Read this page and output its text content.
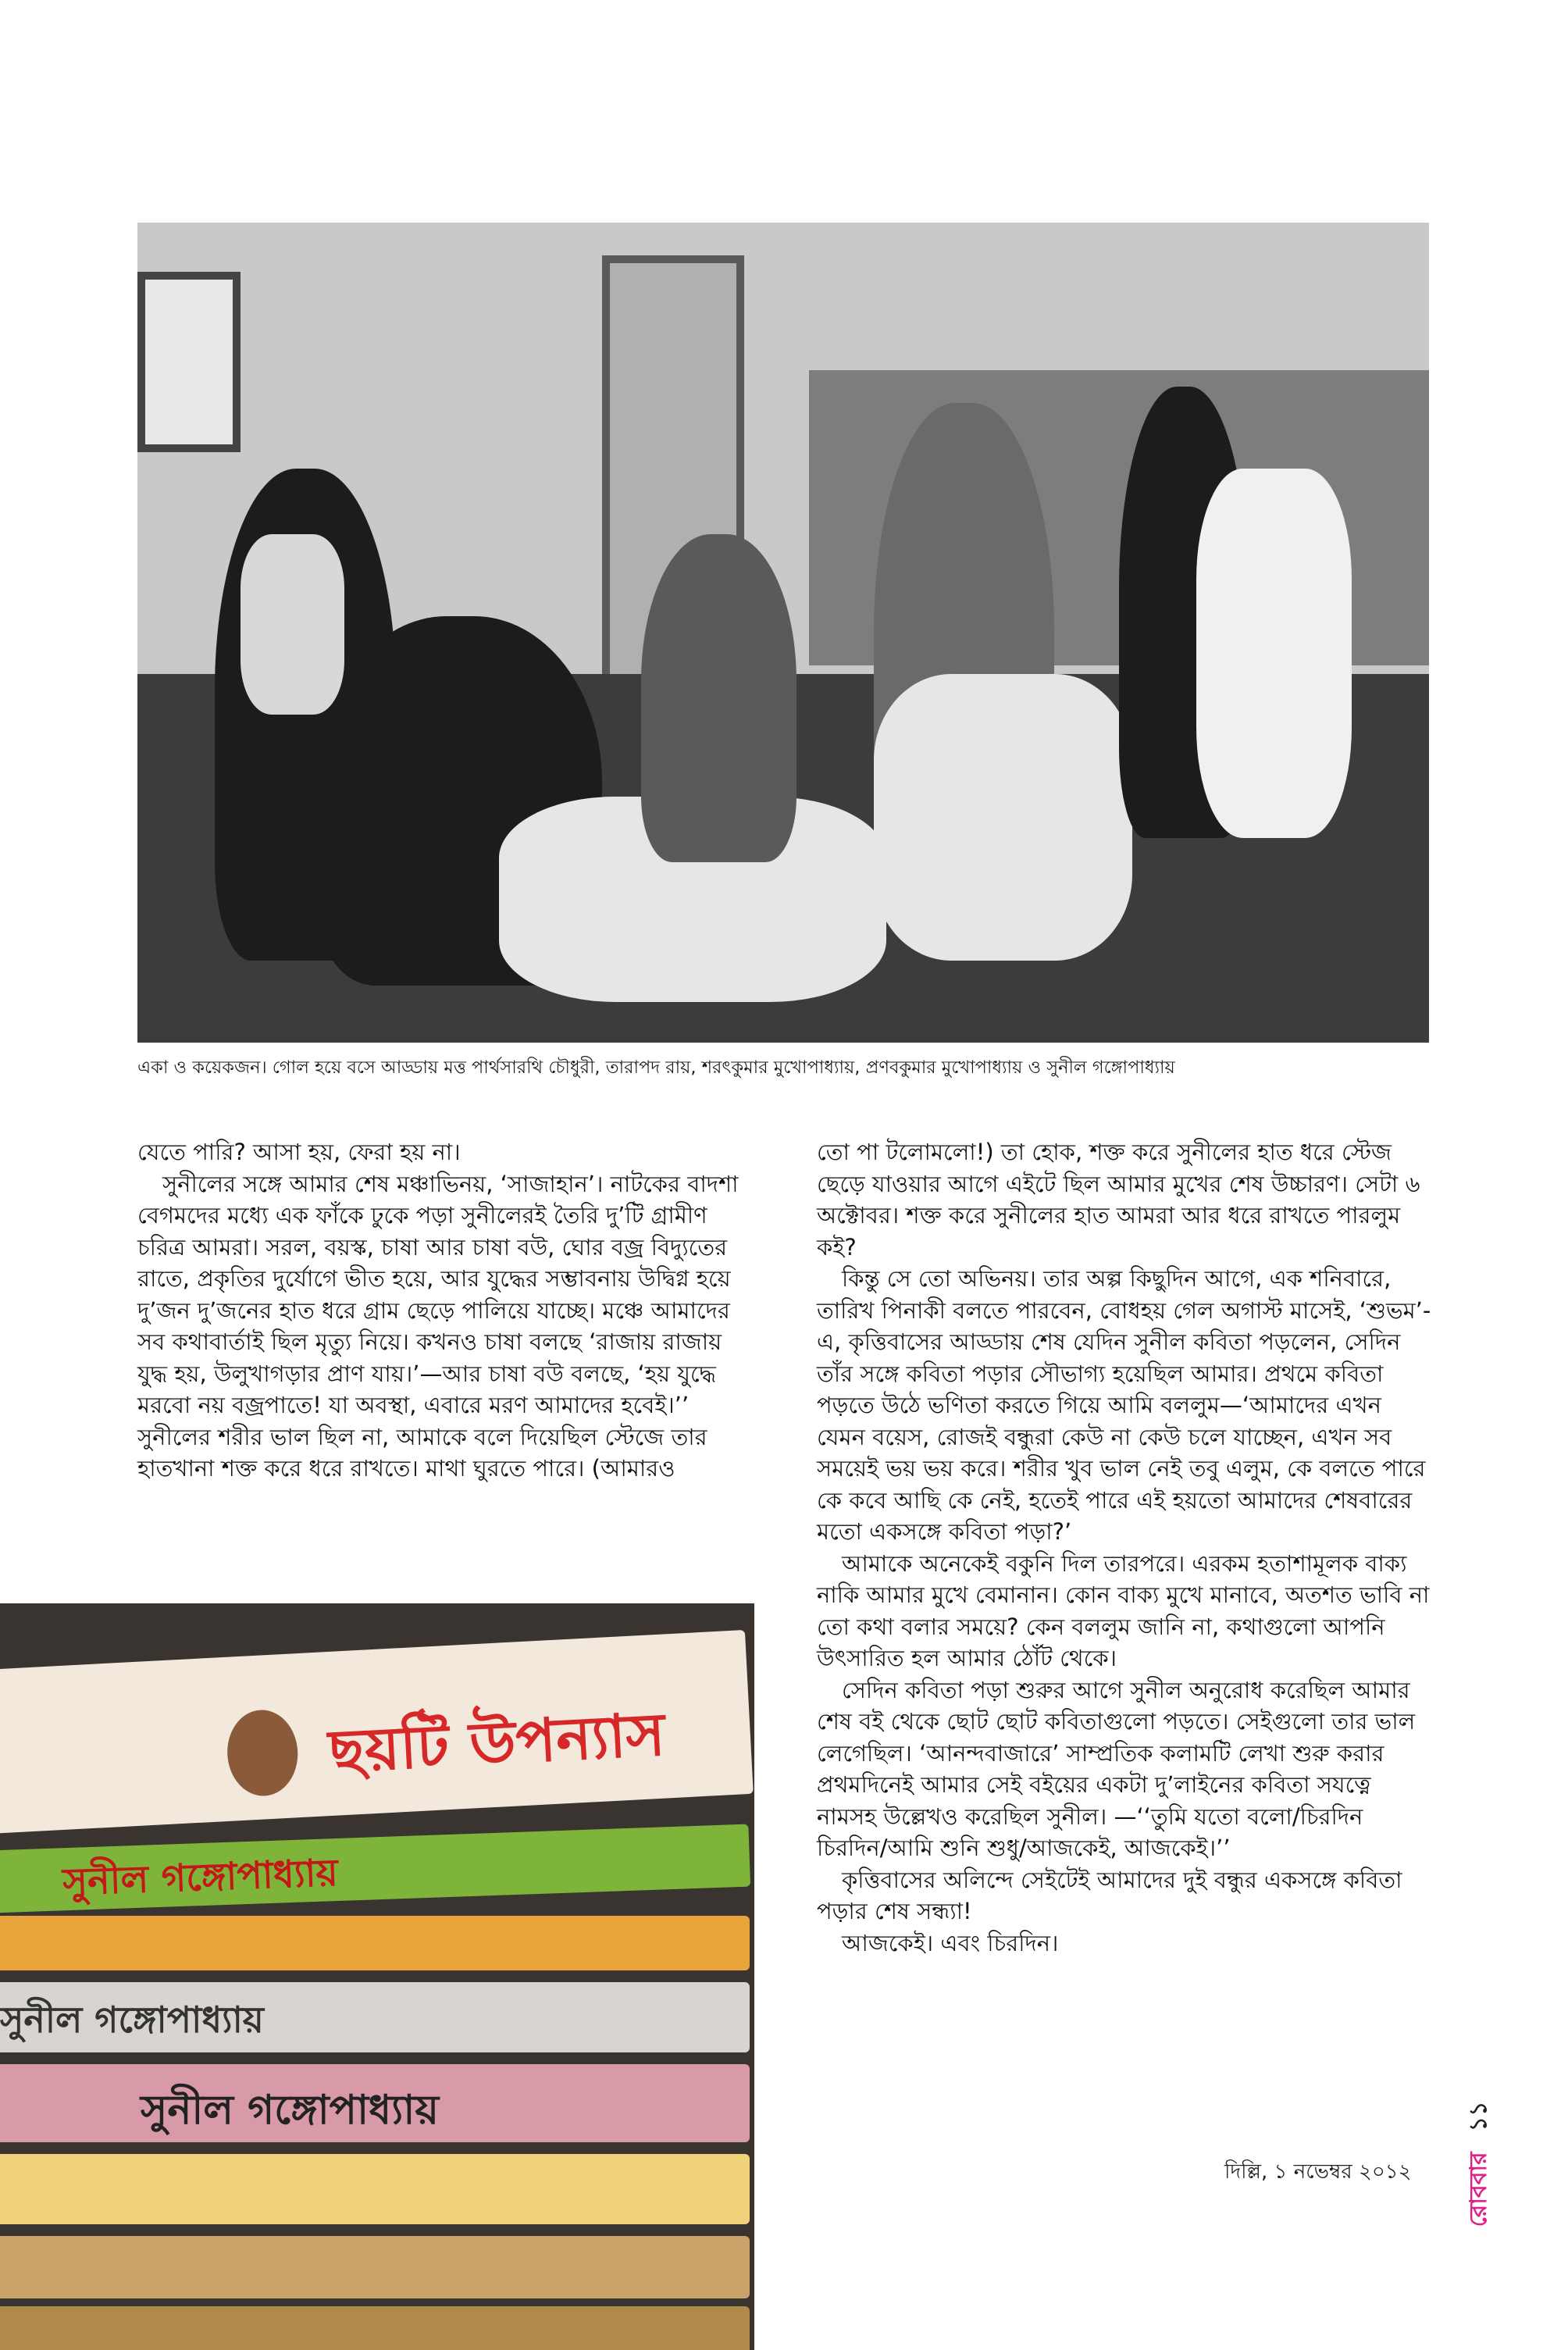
একা ও কয়েকজন। গোল হয়ে বসে আড্ডায় মত্ত পার্থসারথি চৌধুরী, তারাপদ রায়, শরৎকুমার মুখোপাধ্যায়, প্রণবকুমার মুখোপাধ্যায় ও সুনীল গঙ্গোপাধ্যায়

যেতে পারি? আসা হয়, ফেরা হয় না।

সুনীলের সঙ্গে আমার শেষ মঞ্চাভিনয়, ‘সাজাহান’। নাটকের বাদশা বেগমদের মধ্যে এক ফাঁকে ঢুকে পড়া সুনীলেরই তৈরি দু’টি গ্রামীণ চরিত্র আমরা। সরল, বয়স্ক, চাষা আর চাষা বউ, ঘোর বজ্র বিদ্যুতের রাতে, প্রকৃতির দুর্যোগে ভীত হয়ে, আর যুদ্ধের সম্ভাবনায় উদ্বিগ্ন হয়ে দু’জন দু’জনের হাত ধরে গ্রাম ছেড়ে পালিয়ে যাচ্ছে। মঞ্চে আমাদের সব কথাবার্তাই ছিল মৃত্যু নিয়ে। কখনও চাষা বলছে ‘রাজায় রাজায় যুদ্ধ হয়, উলুখাগড়ার প্রাণ যায়।’—আর চাষা বউ বলছে, ‘হয় যুদ্ধে মরবো নয় বজ্রপাতে! যা অবস্থা, এবারে মরণ আমাদের হবেই।’’ সুনীলের শরীর ভাল ছিল না, আমাকে বলে দিয়েছিল স্টেজে তার হাতখানা শক্ত করে ধরে রাখতে। মাথা ঘুরতে পারে। (আমারও

তো পা টলোমলো!) তা হোক, শক্ত করে সুনীলের হাত ধরে স্টেজ ছেড়ে যাওয়ার আগে এইটে ছিল আমার মুখের শেষ উচ্চারণ। সেটা ৬ অক্টোবর। শক্ত করে সুনীলের হাত আমরা আর ধরে রাখতে পারলুম কই?

কিন্তু সে তো অভিনয়। তার অল্প কিছুদিন আগে, এক শনিবারে, তারিখ পিনাকী বলতে পারবেন, বোধহয় গেল অগাস্ট মাসেই, ‘শুভম’-এ, কৃত্তিবাসের আড্ডায় শেষ যেদিন সুনীল কবিতা পড়লেন, সেদিন তাঁর সঙ্গে কবিতা পড়ার সৌভাগ্য হয়েছিল আমার। প্রথমে কবিতা পড়তে উঠে ভণিতা করতে গিয়ে আমি বললুম—‘আমাদের এখন যেমন বয়েস, রোজই বন্ধুরা কেউ না কেউ চলে যাচ্ছেন, এখন সব সময়েই ভয় ভয় করে। শরীর খুব ভাল নেই তবু এলুম, কে বলতে পারে কে কবে আছি কে নেই, হতেই পারে এই হয়তো আমাদের শেষবারের মতো একসঙ্গে কবিতা পড়া?’

আমাকে অনেকেই বকুনি দিল তারপরে। এরকম হতাশামূলক বাক্য নাকি আমার মুখে বেমানান। কোন বাক্য মুখে মানাবে, অতশত ভাবি না তো কথা বলার সময়ে? কেন বললুম জানি না, কথাগুলো আপনি উৎসারিত হল আমার ঠোঁট থেকে।

সেদিন কবিতা পড়া শুরুর আগে সুনীল অনুরোধ করেছিল আমার শেষ বই থেকে ছোট ছোট কবিতাগুলো পড়তে। সেইগুলো তার ভাল লেগেছিল। ‘আনন্দবাজারে’ সাম্প্রতিক কলামটি লেখা শুরু করার প্রথমদিনেই আমার সেই বইয়ের একটা দু’লাইনের কবিতা সযত্নে নামসহ উল্লেখও করেছিল সুনীল। —‘‘তুমি যতো বলো/চিরদিন চিরদিন/আমি শুনি শুধু/আজকেই, আজকেই।’’

কৃত্তিবাসের অলিন্দে সেইটেই আমাদের দুই বন্ধুর একসঙ্গে কবিতা পড়ার শেষ সন্ধ্যা!

আজকেই। এবং চিরদিন।

ছয়টি উপন্যাস
সুনীল গঙ্গোপাধ্যায়
সুনীল গঙ্গোপাধ্যায়
সুনীল গঙ্গোপাধ্যায়
দিল্লি, ১ নভেম্বর ২০১২ রোববার ১১
